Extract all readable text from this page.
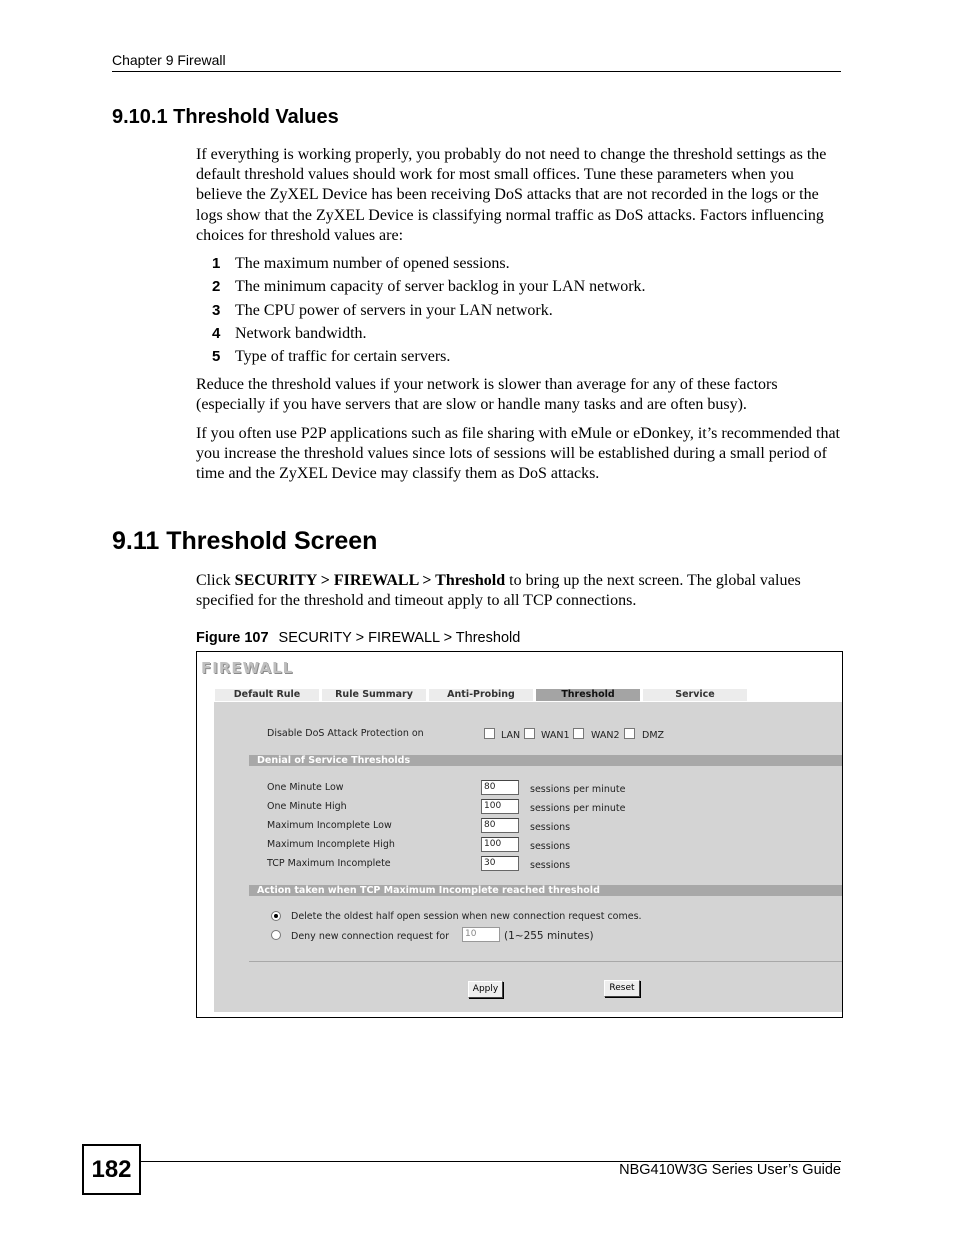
Chapter 9 Firewall
9.10.1 Threshold Values

If everything is working properly, you probably do not need to change the threshold settings as the default threshold values should work for most small offices. Tune these parameters when you believe the ZyXEL Device has been receiving DoS attacks that are not recorded in the logs or the logs show that the ZyXEL Device is classifying normal traffic as DoS attacks. Factors influencing choices for threshold values are:

1 The maximum number of opened sessions.
2 The minimum capacity of server backlog in your LAN network.
3 The CPU power of servers in your LAN network.
4 Network bandwidth.
5 Type of traffic for certain servers.

Reduce the threshold values if your network is slower than average for any of these factors (especially if you have servers that are slow or handle many tasks and are often busy).

If you often use P2P applications such as file sharing with eMule or eDonkey, it’s recommended that you increase the threshold values since lots of sessions will be established during a small period of time and the ZyXEL Device may classify them as DoS attacks.

9.11 Threshold Screen

Click SECURITY > FIREWALL > Threshold to bring up the next screen. The global values specified for the threshold and timeout apply to all TCP connections.

Figure 107 SECURITY > FIREWALL > Threshold
FIREWALL
Default Rule	Rule Summary	Anti-Probing	Threshold	Service
Disable DoS Attack Protection on	LAN WAN1 WAN2 DMZ
Denial of Service Thresholds
One Minute Low	80	sessions per minute
One Minute High	100	sessions per minute
Maximum Incomplete Low	80	sessions
Maximum Incomplete High	100	sessions
TCP Maximum Incomplete	30	sessions
Action taken when TCP Maximum Incomplete reached threshold
Delete the oldest half open session when new connection request comes.
Deny new connection request for	10	(1~255 minutes)
Apply	Reset
182	NBG410W3G Series User’s Guide
